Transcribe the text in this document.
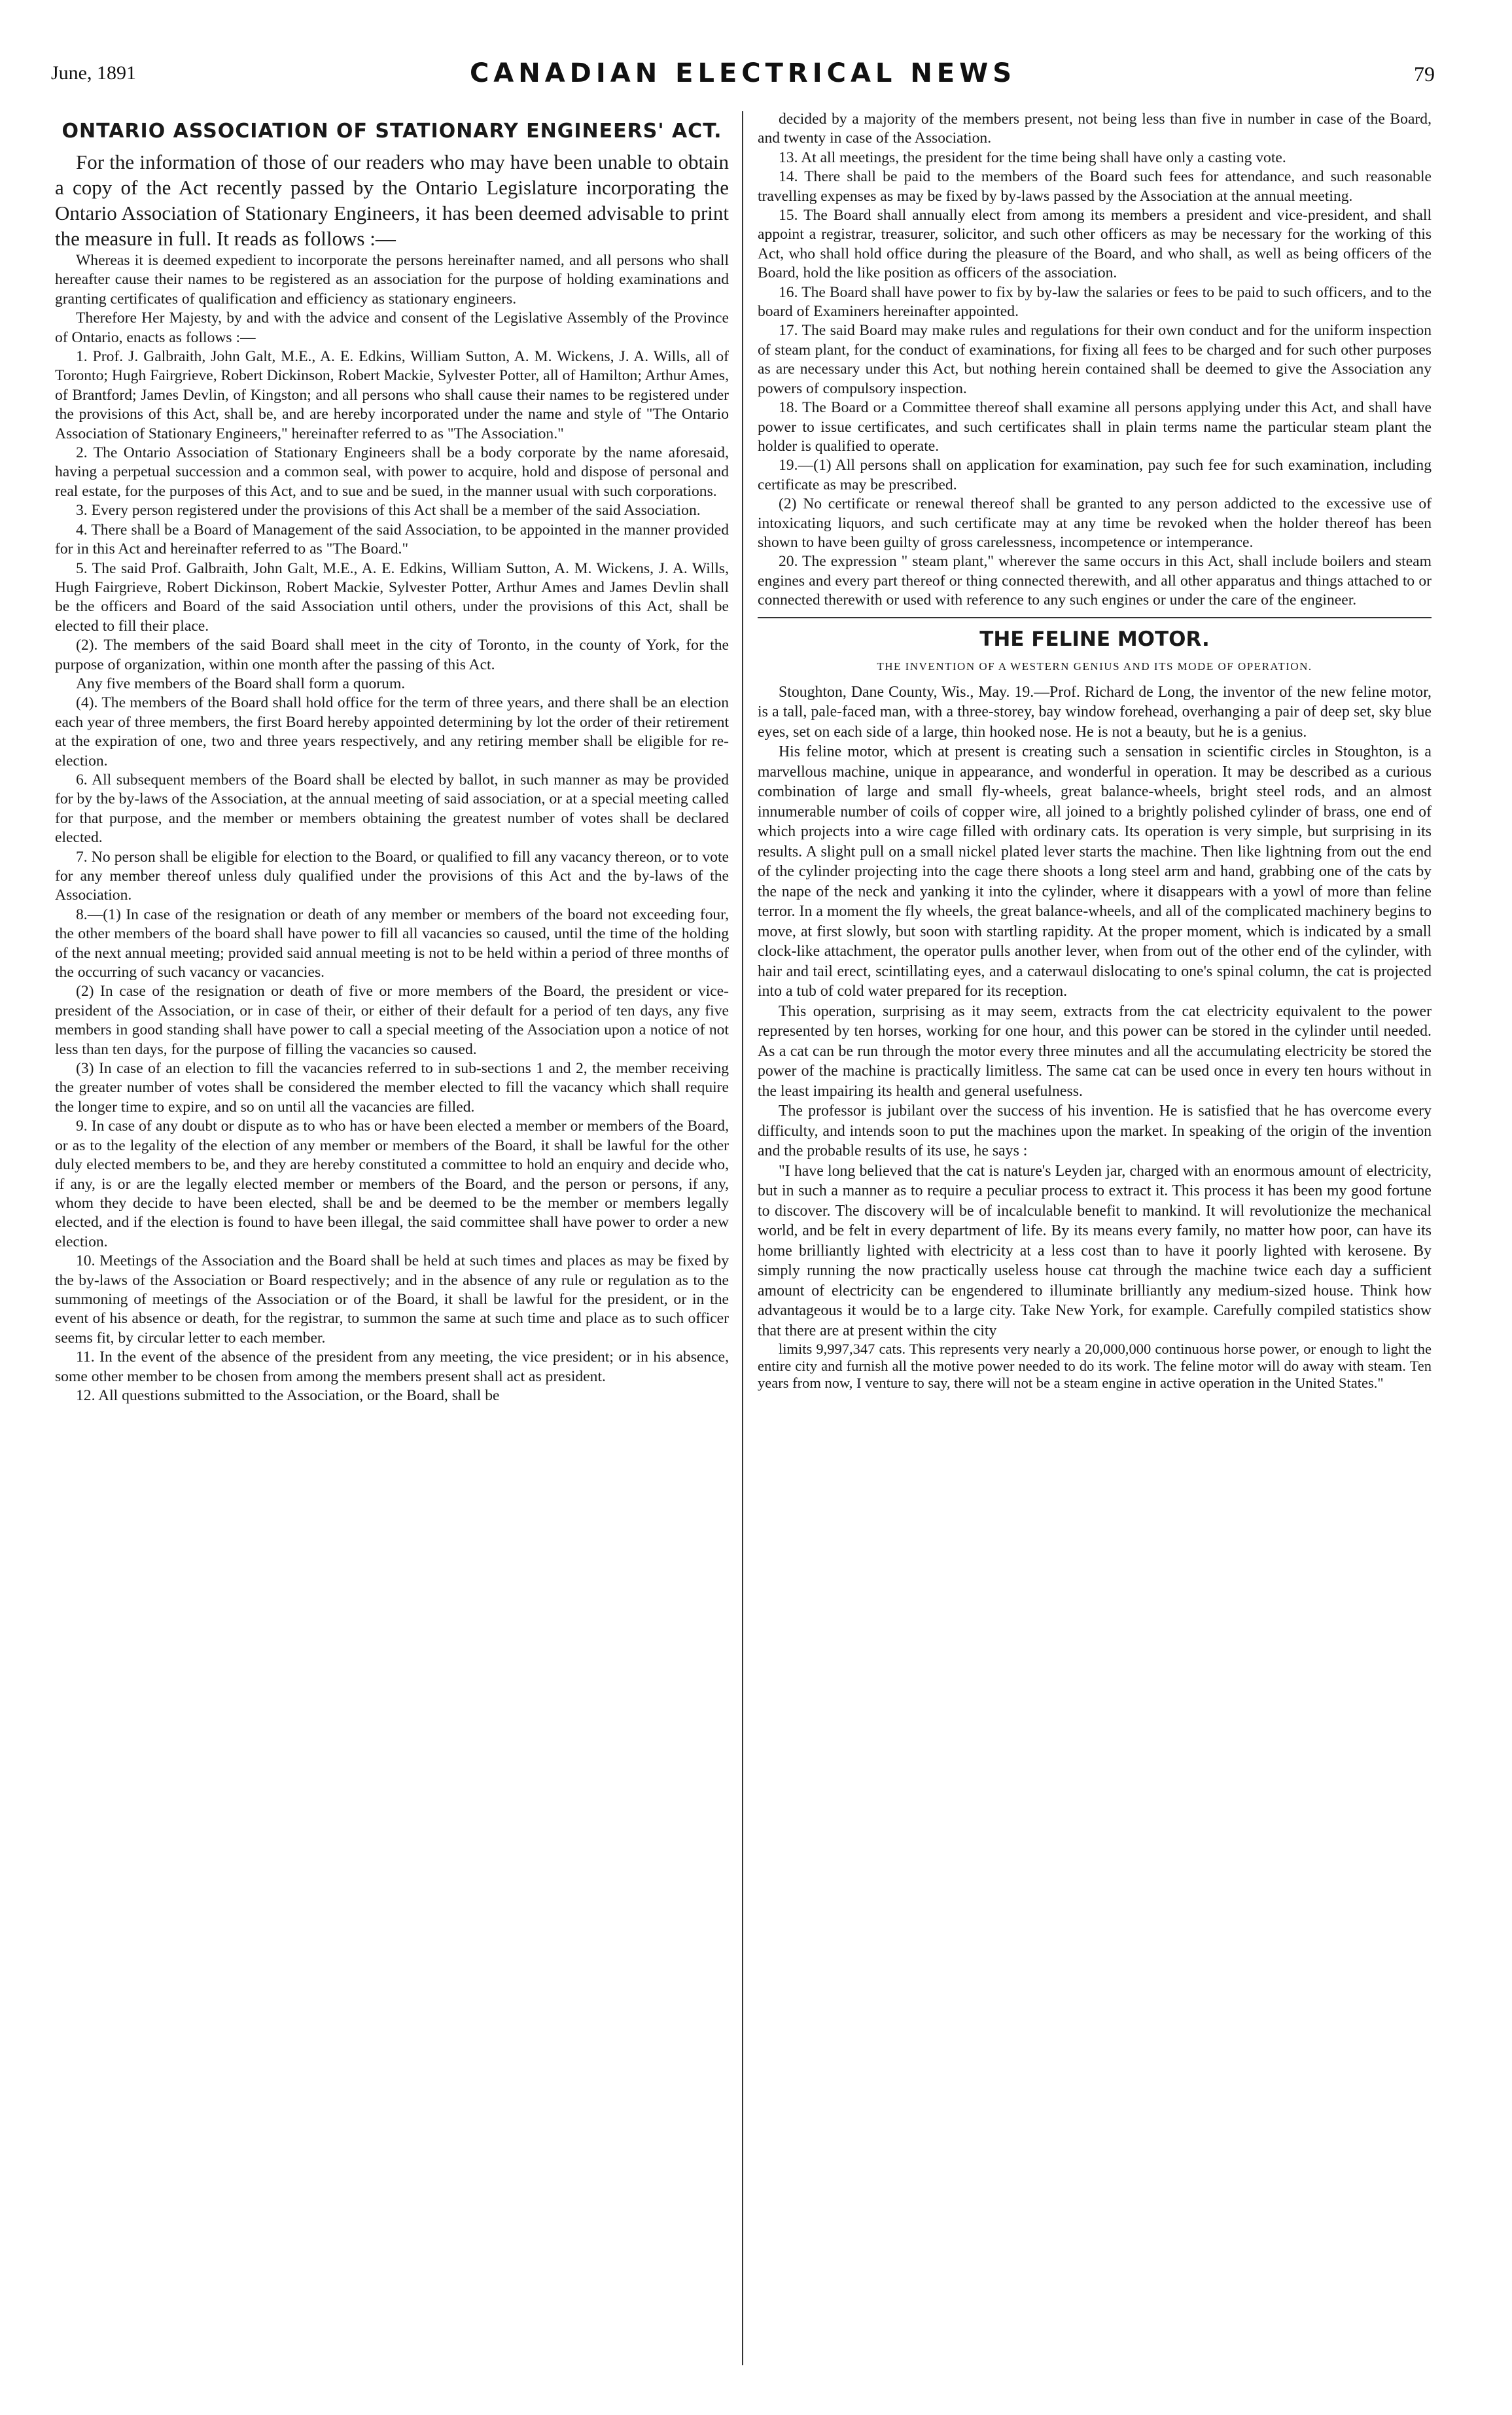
June, 1891	CANADIAN ELECTRICAL NEWS	79
ONTARIO ASSOCIATION OF STATIONARY ENGINEERS' ACT.

For the information of those of our readers who may have been unable to obtain a copy of the Act recently passed by the Ontario Legislature incorporating the Ontario Association of Stationary Engineers, it has been deemed advisable to print the measure in full. It reads as follows :—

Whereas it is deemed expedient to incorporate the persons hereinafter named, and all persons who shall hereafter cause their names to be registered as an association for the purpose of holding examinations and granting certificates of qualification and efficiency as stationary engineers.

Therefore Her Majesty, by and with the advice and consent of the Legislative Assembly of the Province of Ontario, enacts as follows :—

1. Prof. J. Galbraith, John Galt, M.E., A. E. Edkins, William Sutton, A. M. Wickens, J. A. Wills, all of Toronto; Hugh Fairgrieve, Robert Dickinson, Robert Mackie, Sylvester Potter, all of Hamilton; Arthur Ames, of Brantford; James Devlin, of Kingston; and all persons who shall cause their names to be registered under the provisions of this Act, shall be, and are hereby incorporated under the name and style of "The Ontario Association of Stationary Engineers," hereinafter referred to as "The Association."

2. The Ontario Association of Stationary Engineers shall be a body corporate by the name aforesaid, having a perpetual succession and a common seal, with power to acquire, hold and dispose of personal and real estate, for the purposes of this Act, and to sue and be sued, in the manner usual with such corporations.

3. Every person registered under the provisions of this Act shall be a member of the said Association.

4. There shall be a Board of Management of the said Association, to be appointed in the manner provided for in this Act and hereinafter referred to as "The Board."

5. The said Prof. Galbraith, John Galt, M.E., A. E. Edkins, William Sutton, A. M. Wickens, J. A. Wills, Hugh Fairgrieve, Robert Dickinson, Robert Mackie, Sylvester Potter, Arthur Ames and James Devlin shall be the officers and Board of the said Association until others, under the provisions of this Act, shall be elected to fill their place.

(2). The members of the said Board shall meet in the city of Toronto, in the county of York, for the purpose of organization, within one month after the passing of this Act.

Any five members of the Board shall form a quorum.

(4). The members of the Board shall hold office for the term of three years, and there shall be an election each year of three members, the first Board hereby appointed determining by lot the order of their retirement at the expiration of one, two and three years respectively, and any retiring member shall be eligible for re-election.

6. All subsequent members of the Board shall be elected by ballot, in such manner as may be provided for by the by-laws of the Association, at the annual meeting of said association, or at a special meeting called for that purpose, and the member or members obtaining the greatest number of votes shall be declared elected.

7. No person shall be eligible for election to the Board, or qualified to fill any vacancy thereon, or to vote for any member thereof unless duly qualified under the provisions of this Act and the by-laws of the Association.

8.—(1) In case of the resignation or death of any member or members of the board not exceeding four, the other members of the board shall have power to fill all vacancies so caused, until the time of the holding of the next annual meeting; provided said annual meeting is not to be held within a period of three months of the occurring of such vacancy or vacancies.

(2) In case of the resignation or death of five or more members of the Board, the president or vice-president of the Association, or in case of their, or either of their default for a period of ten days, any five members in good standing shall have power to call a special meeting of the Association upon a notice of not less than ten days, for the purpose of filling the vacancies so caused.

(3) In case of an election to fill the vacancies referred to in sub-sections 1 and 2, the member receiving the greater number of votes shall be considered the member elected to fill the vacancy which shall require the longer time to expire, and so on until all the vacancies are filled.

9. In case of any doubt or dispute as to who has or have been elected a member or members of the Board, or as to the legality of the election of any member or members of the Board, it shall be lawful for the other duly elected members to be, and they are hereby constituted a committee to hold an enquiry and decide who, if any, is or are the legally elected member or members of the Board, and the person or persons, if any, whom they decide to have been elected, shall be and be deemed to be the member or members legally elected, and if the election is found to have been illegal, the said committee shall have power to order a new election.

10. Meetings of the Association and the Board shall be held at such times and places as may be fixed by the by-laws of the Association or Board respectively; and in the absence of any rule or regulation as to the summoning of meetings of the Association or of the Board, it shall be lawful for the president, or in the event of his absence or death, for the registrar, to summon the same at such time and place as to such officer seems fit, by circular letter to each member.

11. In the event of the absence of the president from any meeting, the vice president; or in his absence, some other member to be chosen from among the members present shall act as president.

12. All questions submitted to the Association, or the Board, shall be

decided by a majority of the members present, not being less than five in number in case of the Board, and twenty in case of the Association.

13. At all meetings, the president for the time being shall have only a casting vote.

14. There shall be paid to the members of the Board such fees for attendance, and such reasonable travelling expenses as may be fixed by by-laws passed by the Association at the annual meeting.

15. The Board shall annually elect from among its members a president and vice-president, and shall appoint a registrar, treasurer, solicitor, and such other officers as may be necessary for the working of this Act, who shall hold office during the pleasure of the Board, and who shall, as well as being officers of the Board, hold the like position as officers of the association.

16. The Board shall have power to fix by by-law the salaries or fees to be paid to such officers, and to the board of Examiners hereinafter appointed.

17. The said Board may make rules and regulations for their own conduct and for the uniform inspection of steam plant, for the conduct of examinations, for fixing all fees to be charged and for such other purposes as are necessary under this Act, but nothing herein contained shall be deemed to give the Association any powers of compulsory inspection.

18. The Board or a Committee thereof shall examine all persons applying under this Act, and shall have power to issue certificates, and such certificates shall in plain terms name the particular steam plant the holder is qualified to operate.

19.—(1) All persons shall on application for examination, pay such fee for such examination, including certificate as may be prescribed.

(2) No certificate or renewal thereof shall be granted to any person addicted to the excessive use of intoxicating liquors, and such certificate may at any time be revoked when the holder thereof has been shown to have been guilty of gross carelessness, incompetence or intemperance.

20. The expression " steam plant," wherever the same occurs in this Act, shall include boilers and steam engines and every part thereof or thing connected therewith, and all other apparatus and things attached to or connected therewith or used with reference to any such engines or under the care of the engineer.

THE FELINE MOTOR.
THE INVENTION OF A WESTERN GENIUS AND ITS MODE OF OPERATION.

Stoughton, Dane County, Wis., May. 19.—Prof. Richard de Long, the inventor of the new feline motor, is a tall, pale-faced man, with a three-storey, bay window forehead, overhanging a pair of deep set, sky blue eyes, set on each side of a large, thin hooked nose. He is not a beauty, but he is a genius.

His feline motor, which at present is creating such a sensation in scientific circles in Stoughton, is a marvellous machine, unique in appearance, and wonderful in operation. It may be described as a curious combination of large and small fly-wheels, great balance-wheels, bright steel rods, and an almost innumerable number of coils of copper wire, all joined to a brightly polished cylinder of brass, one end of which projects into a wire cage filled with ordinary cats. Its operation is very simple, but surprising in its results. A slight pull on a small nickel plated lever starts the machine. Then like lightning from out the end of the cylinder projecting into the cage there shoots a long steel arm and hand, grabbing one of the cats by the nape of the neck and yanking it into the cylinder, where it disappears with a yowl of more than feline terror. In a moment the fly wheels, the great balance-wheels, and all of the complicated machinery begins to move, at first slowly, but soon with startling rapidity. At the proper moment, which is indicated by a small clock-like attachment, the operator pulls another lever, when from out of the other end of the cylinder, with hair and tail erect, scintillating eyes, and a caterwaul dislocating to one's spinal column, the cat is projected into a tub of cold water prepared for its reception.

This operation, surprising as it may seem, extracts from the cat electricity equivalent to the power represented by ten horses, working for one hour, and this power can be stored in the cylinder until needed. As a cat can be run through the motor every three minutes and all the accumulating electricity be stored the power of the machine is practically limitless. The same cat can be used once in every ten hours without in the least impairing its health and general usefulness.

The professor is jubilant over the success of his invention. He is satisfied that he has overcome every difficulty, and intends soon to put the machines upon the market. In speaking of the origin of the invention and the probable results of its use, he says :

"I have long believed that the cat is nature's Leyden jar, charged with an enormous amount of electricity, but in such a manner as to require a peculiar process to extract it. This process it has been my good fortune to discover. The discovery will be of incalculable benefit to mankind. It will revolutionize the mechanical world, and be felt in every department of life. By its means every family, no matter how poor, can have its home brilliantly lighted with electricity at a less cost than to have it poorly lighted with kerosene. By simply running the now practically useless house cat through the machine twice each day a sufficient amount of electricity can be engendered to illuminate brilliantly any medium-sized house. Think how advantageous it would be to a large city. Take New York, for example. Carefully compiled statistics show that there are at present within the city

limits 9,997,347 cats. This represents very nearly a 20,000,000 continuous horse power, or enough to light the entire city and furnish all the motive power needed to do its work. The feline motor will do away with steam. Ten years from now, I venture to say, there will not be a steam engine in active operation in the United States."
